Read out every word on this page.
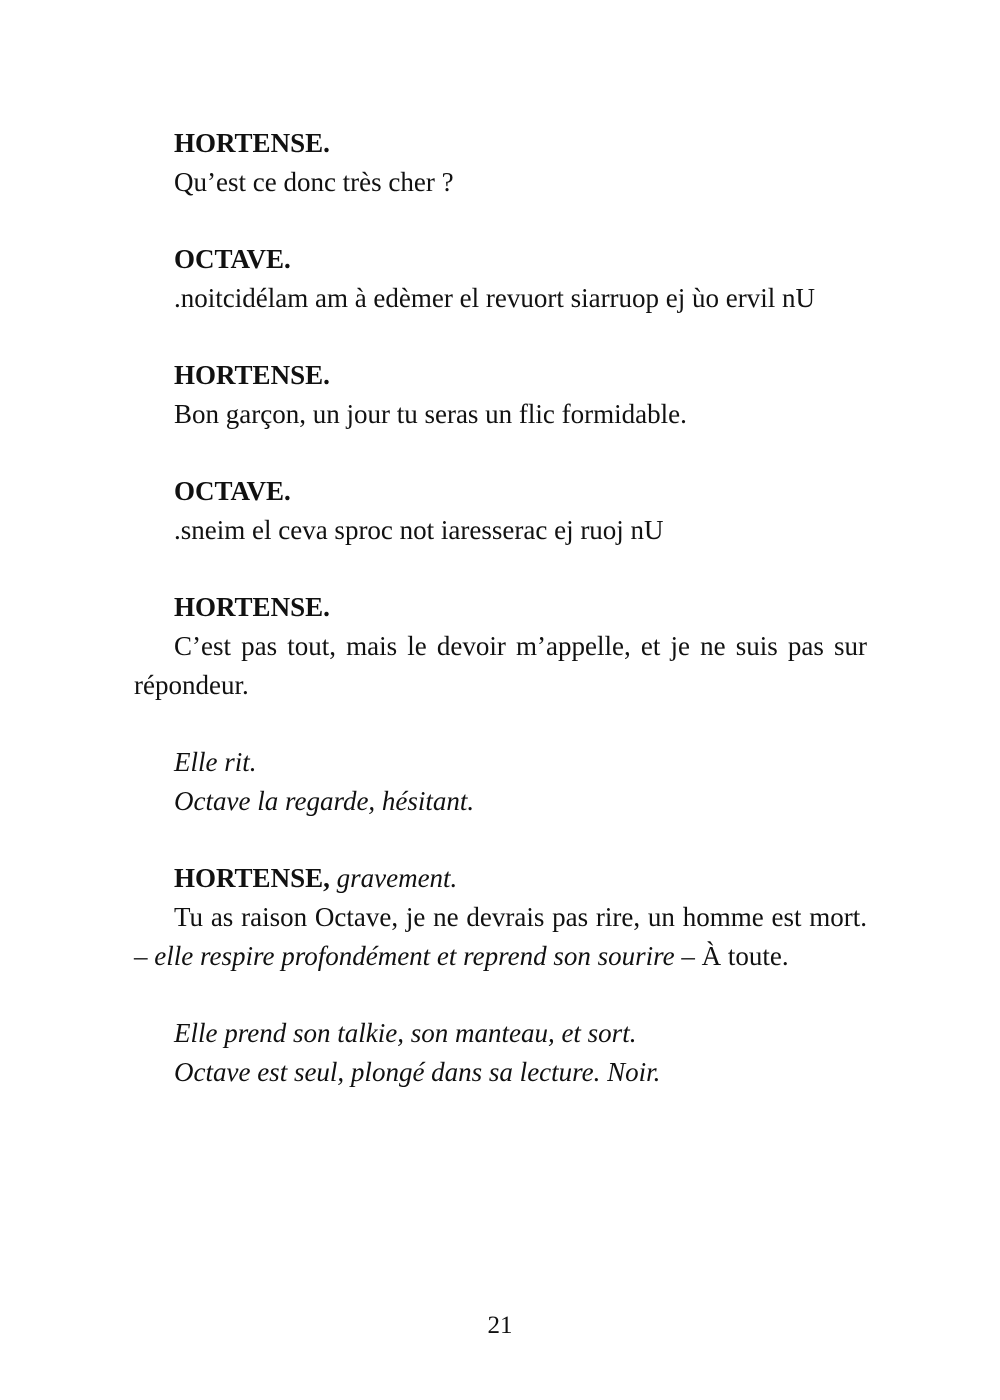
HORTENSE.

Qu’est ce donc très cher ?

OCTAVE.

.noitcidélam am à edèmer el revuort siarruop ej ùo ervil nU

HORTENSE.

Bon garçon, un jour tu seras un flic formidable.

OCTAVE.

.sneim el ceva sproc not iaresserac ej ruoj nU

HORTENSE.

C’est pas tout, mais le devoir m’appelle, et je ne suis pas sur répondeur.

Elle rit.

Octave la regarde, hésitant.

HORTENSE, gravement.

Tu as raison Octave, je ne devrais pas rire, un homme est mort. – elle respire profondément et reprend son sourire – À toute.

Elle prend son talkie, son manteau, et sort.

Octave est seul, plongé dans sa lecture. Noir.

21
